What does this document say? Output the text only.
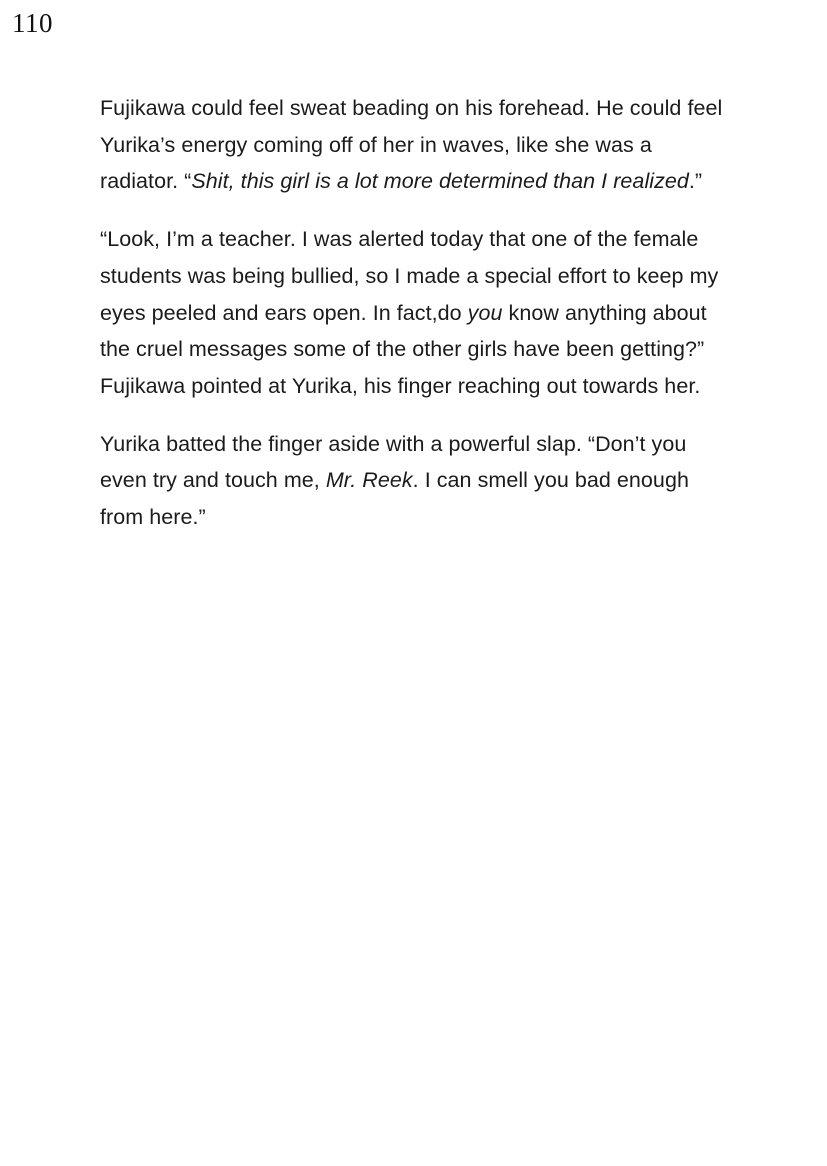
110

Fujikawa could feel sweat beading on his forehead. He could feel Yurika’s energy coming off of her in waves, like she was a radiator. “Shit, this girl is a lot more determined than I realized.”

“Look, I’m a teacher. I was alerted today that one of the female students was being bullied, so I made a special effort to keep my eyes peeled and ears open. In fact,do you know anything about the cruel messages some of the other girls have been getting?” Fujikawa pointed at Yurika, his finger reaching out towards her.

Yurika batted the finger aside with a powerful slap. “Don’t you even try and touch me, Mr. Reek. I can smell you bad enough from here.”
